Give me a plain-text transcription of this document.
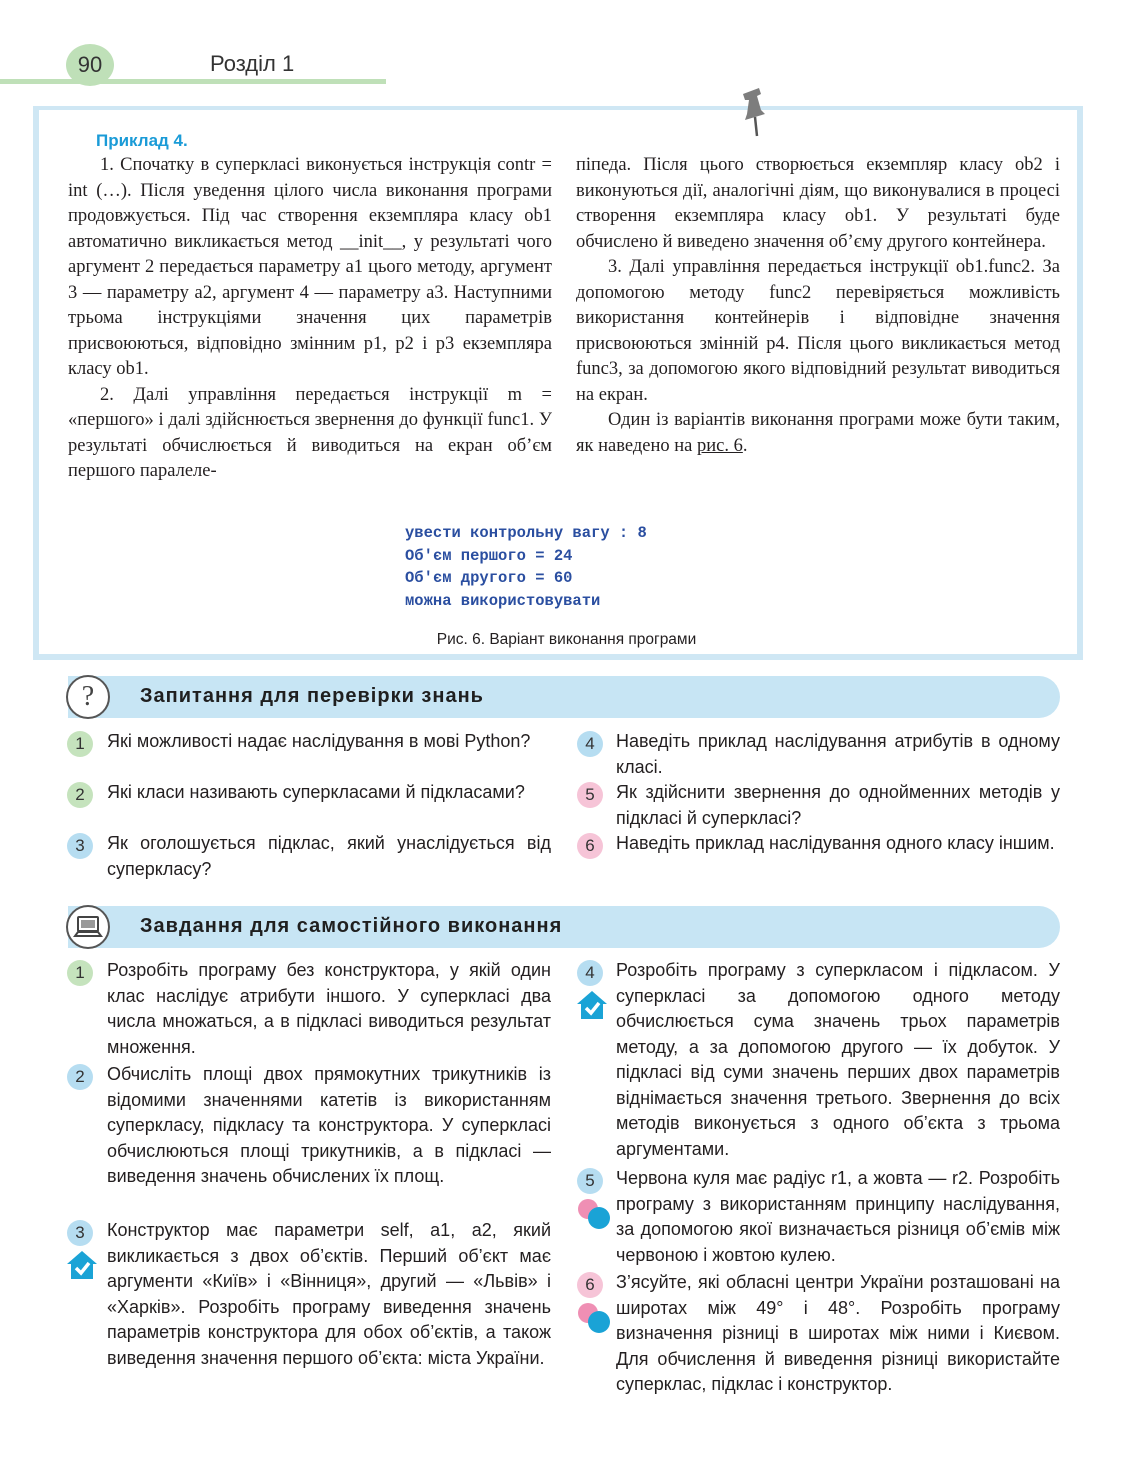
90	Розділ 1
Приклад 4.

1. Спочатку в суперкласі виконується інструкція contr = int (…). Після уведення цілого числа виконання програми продовжується. Під час створення екземпляра класу ob1 автоматично викликається метод __init__, у результаті чого аргумент 2 передається параметру a1 цього методу, аргумент 3 — параметру a2, аргумент 4 — параметру a3. Наступними трьома інструкціями значення цих параметрів присвоюються, відповідно змінним p1, p2 і p3 екземпляра класу ob1.

2. Далі управління передається інструкції m = «першого» і далі здійснюється звернення до функції func1. У результаті обчислюється й виводиться на екран об’єм першого паралеле-

піпеда. Після цього створюється екземпляр класу ob2 і виконуються дії, аналогічні діям, що виконувалися в процесі створення екземпляра класу ob1. У результаті буде обчислено й виведено значення об’єму другого контейнера.

3. Далі управління передається інструкції ob1.func2. За допомогою методу func2 перевіряється можливість використання контейнерів і відповідне значення присвоюються змінній p4. Після цього викликається метод func3, за допомогою якого відповідний результат виводиться на екран.

Один із варіантів виконання програми може бути таким, як наведено на рис. 6.

увести контрольну вагу : 8
Об'єм першого = 24
Об'єм другого = 60
можна використовувати
Рис. 6. Варіант виконання програми
? Запитання для перевірки знань
1	Які можливості надає наслідування в мові Python?
2	Які класи називають суперкласами й підкласами?
3	Як оголошується підклас, який унаслідується від суперкласу?
4	Наведіть приклад наслідування атрибутів в одному класі.
5	Як здійснити звернення до однойменних методів у підкласі й суперкласі?
6	Наведіть приклад наслідування одного класу іншим.
Завдання для самостійного виконання
1	Розробіть програму без конструктора, у якій один клас наслідує атрибути іншого. У суперкласі два числа множаться, а в підкласі виводиться результат множення.
2	Обчисліть площі двох прямокутних трикутників із відомими значеннями катетів із використанням суперкласу, підкласу та конструктора. У суперкласі обчислюються площі трикутників, а в підкласі — виведення значень обчислених їх площ.
3	Конструктор має параметри self, a1, a2, який викликається з двох об’єктів. Перший об’єкт має аргументи «Київ» і «Вінниця», другий — «Львів» і «Харків». Розробіть програму виведення значень параметрів конструктора для обох об’єктів, а також виведення значення першого об’єкта: міста України.
4	Розробіть програму з суперкласом і підкласом. У суперкласі за допомогою одного методу обчислюється сума значень трьох параметрів методу, а за допомогою другого — їх добуток. У підкласі від суми значень перших двох параметрів віднімається значення третього. Звернення до всіх методів виконується з одного об’єкта з трьома аргументами.
5	Червона куля має радіус r1, а жовта — r2. Розробіть програму з використанням принципу наслідування, за допомогою якої визначається різниця об’ємів між червоною і жовтою кулею.
6	З’ясуйте, які обласні центри України розташовані на широтах між 49° і 48°. Розробіть програму визначення різниці в широтах між ними і Києвом. Для обчислення й виведення різниці використайте суперклас, підклас і конструктор.
